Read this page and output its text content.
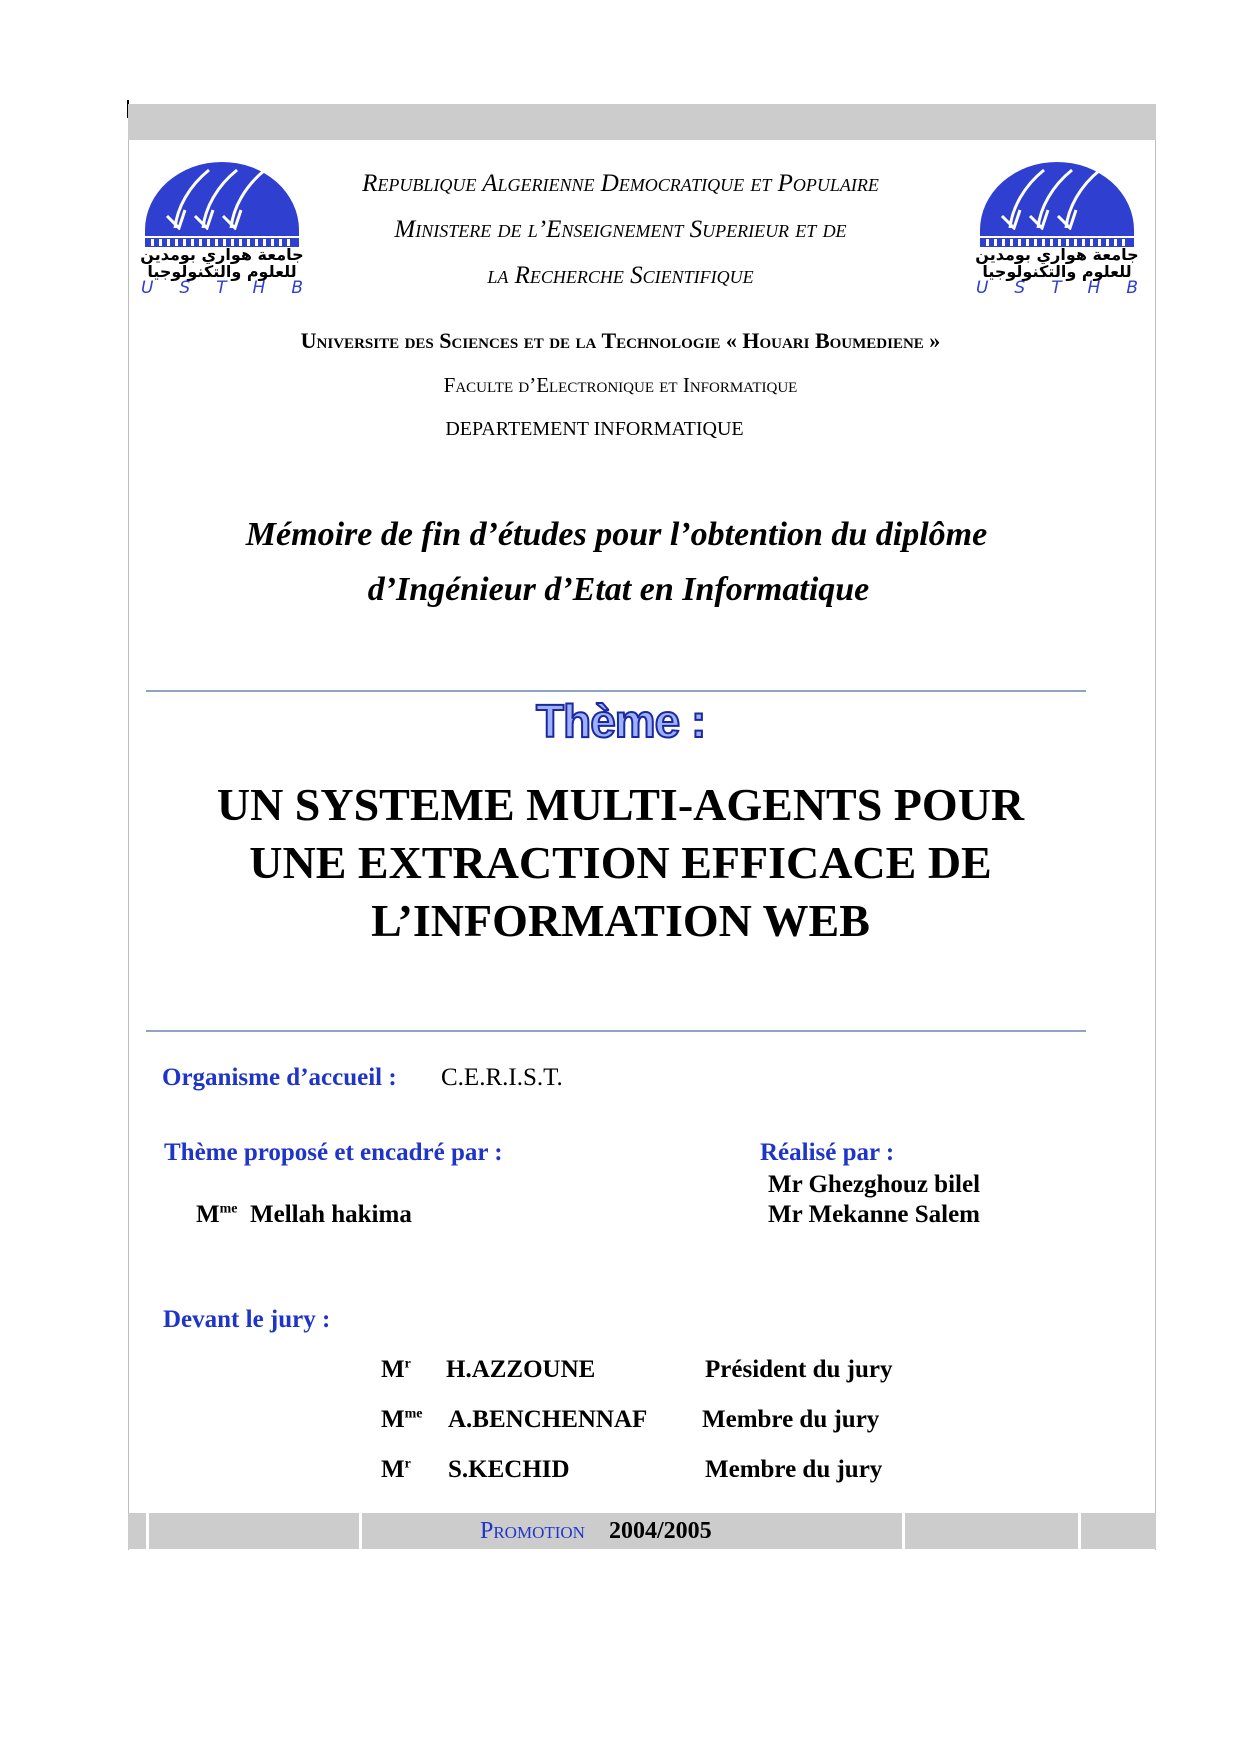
جامعة هواري بومدين
للعلوم والتكنولوجيا
U S T H B
جامعة هواري بومدين
للعلوم والتكنولوجيا
U S T H B
Republique Algerienne Democratique et Populaire
Ministere de l’Enseignement Superieur et de
la Recherche Scientifique
Universite des Sciences et de la Technologie « Houari Boumediene »
Faculte d’Electronique et Informatique
DEPARTEMENT INFORMATIQUE
Mémoire de fin d’études pour l’obtention du diplôme
d’Ingénieur d’Etat en Informatique
Thème :
UN SYSTEME MULTI-AGENTS POUR
UNE EXTRACTION EFFICACE DE
L’INFORMATION WEB
Organisme d’accueil : C.E.R.I.S.T.
Thème proposé et encadré par :
$M^{me}$ Mellah hakima
Réalisé par :
Mr Ghezghouz bilel
Mr Mekanne Salem
Devant le jury :
$M^r$ H.AZZOUNE	Président du jury
$M^{me}$ A.BENCHENNAF Membre du jury
$M^r$ S.KECHID	Membre du jury
Promotion 2004/2005
